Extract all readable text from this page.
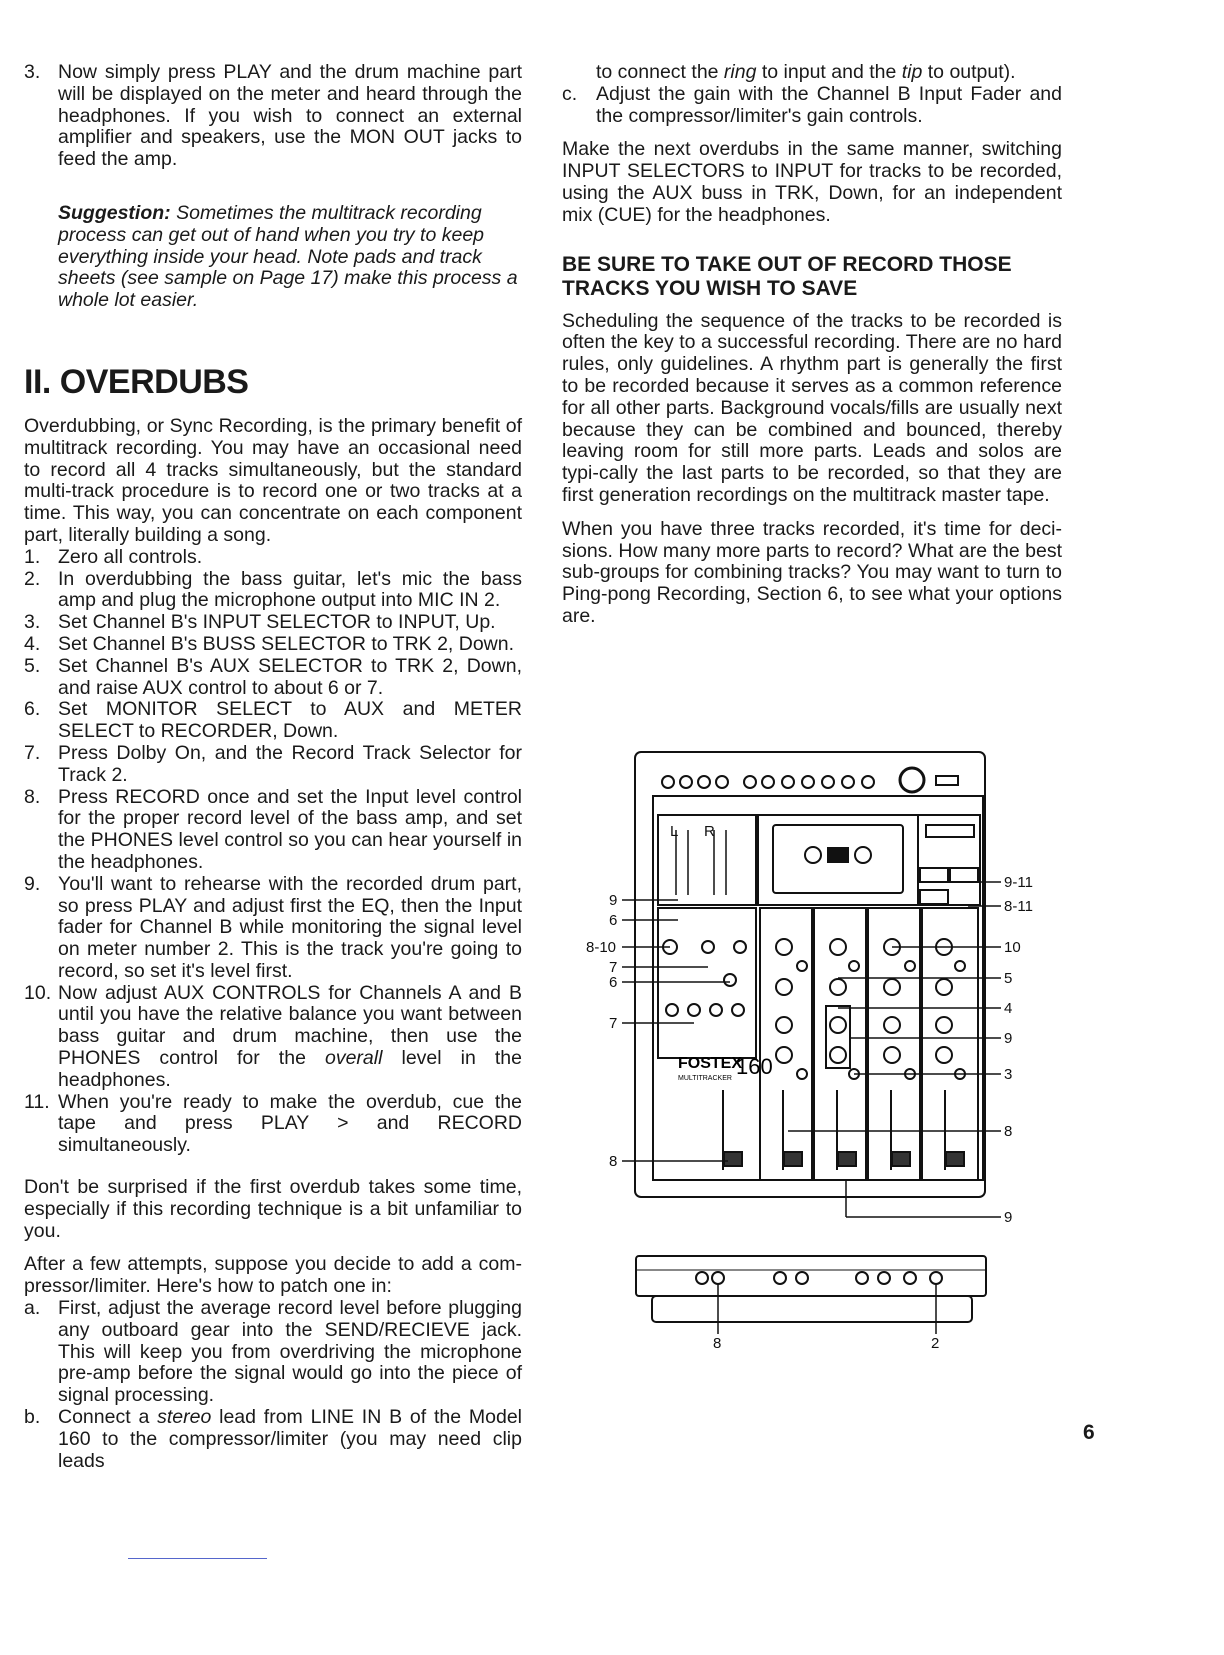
3. Now simply press PLAY and the drum machine part will be displayed on the meter and heard through the headphones. If you wish to connect an external amplifier and speakers, use the MON OUT jacks to feed the amp.

Suggestion: Sometimes the multitrack recording process can get out of hand when you try to keep everything inside your head. Note pads and track sheets (see sample on Page 17) make this process a whole lot easier.

II. OVERDUBS

Overdubbing, or Sync Recording, is the primary benefit of multitrack recording. You may have an occasional need to record all 4 tracks simultaneously, but the standard multi-track procedure is to record one or two tracks at a time. This way, you can concentrate on each component part, literally building a song.

1. Zero all controls.
2. In overdubbing the bass guitar, let's mic the bass amp and plug the microphone output into MIC IN 2.
3. Set Channel B's INPUT SELECTOR to INPUT, Up.
4. Set Channel B's BUSS SELECTOR to TRK 2, Down.
5. Set Channel B's AUX SELECTOR to TRK 2, Down, and raise AUX control to about 6 or 7.
6. Set MONITOR SELECT to AUX and METER SELECT to RECORDER, Down.
7. Press Dolby On, and the Record Track Selector for Track 2.
8. Press RECORD once and set the Input level control for the proper record level of the bass amp, and set the PHONES level control so you can hear yourself in the headphones.
9. You'll want to rehearse with the recorded drum part, so press PLAY and adjust first the EQ, then the Input fader for Channel B while monitoring the signal level on meter number 2. This is the track you're going to record, so set it's level first.
10. Now adjust AUX CONTROLS for Channels A and B until you have the relative balance you want between bass guitar and drum machine, then use the PHONES control for the overall level in the headphones.
11. When you're ready to make the overdub, cue the tape and press PLAY > and RECORD simultaneously.

Don't be surprised if the first overdub takes some time, especially if this recording technique is a bit unfamiliar to you.

After a few attempts, suppose you decide to add a com-pressor/limiter. Here's how to patch one in:

a. First, adjust the average record level before plugging any outboard gear into the SEND/RECIEVE jack. This will keep you from overdriving the microphone pre-amp before the signal would go into the piece of signal processing.
b. Connect a stereo lead from LINE IN B of the Model 160 to the compressor/limiter (you may need clip leads

to connect the ring to input and the tip to output).

c. Adjust the gain with the Channel B Input Fader and the compressor/limiter's gain controls.

Make the next overdubs in the same manner, switching INPUT SELECTORS to INPUT for tracks to be recorded, using the AUX buss in TRK, Down, for an independent mix (CUE) for the headphones.

BE SURE TO TAKE OUT OF RECORD THOSE TRACKS YOU WISH TO SAVE

Scheduling the sequence of the tracks to be recorded is often the key to a successful recording. There are no hard rules, only guidelines. A rhythm part is generally the first to be recorded because it serves as a common reference for all other parts. Background vocals/fills are usually next because they can be combined and bounced, thereby leaving room for still more parts. Leads and solos are typi-cally the last parts to be recorded, so that they are first generation recordings on the multitrack master tape.

When you have three tracks recorded, it's time for deci-sions. How many more parts to record? What are the best sub-groups for combining tracks? You may want to turn to Ping-pong Recording, Section 6, to see what your options are.

L R
FOSTEX
160
MULTITRACKER
9
6
8-10
7
6
7
8
9-11
8-11
10
5
4
9
3
8
9
8	2
6
